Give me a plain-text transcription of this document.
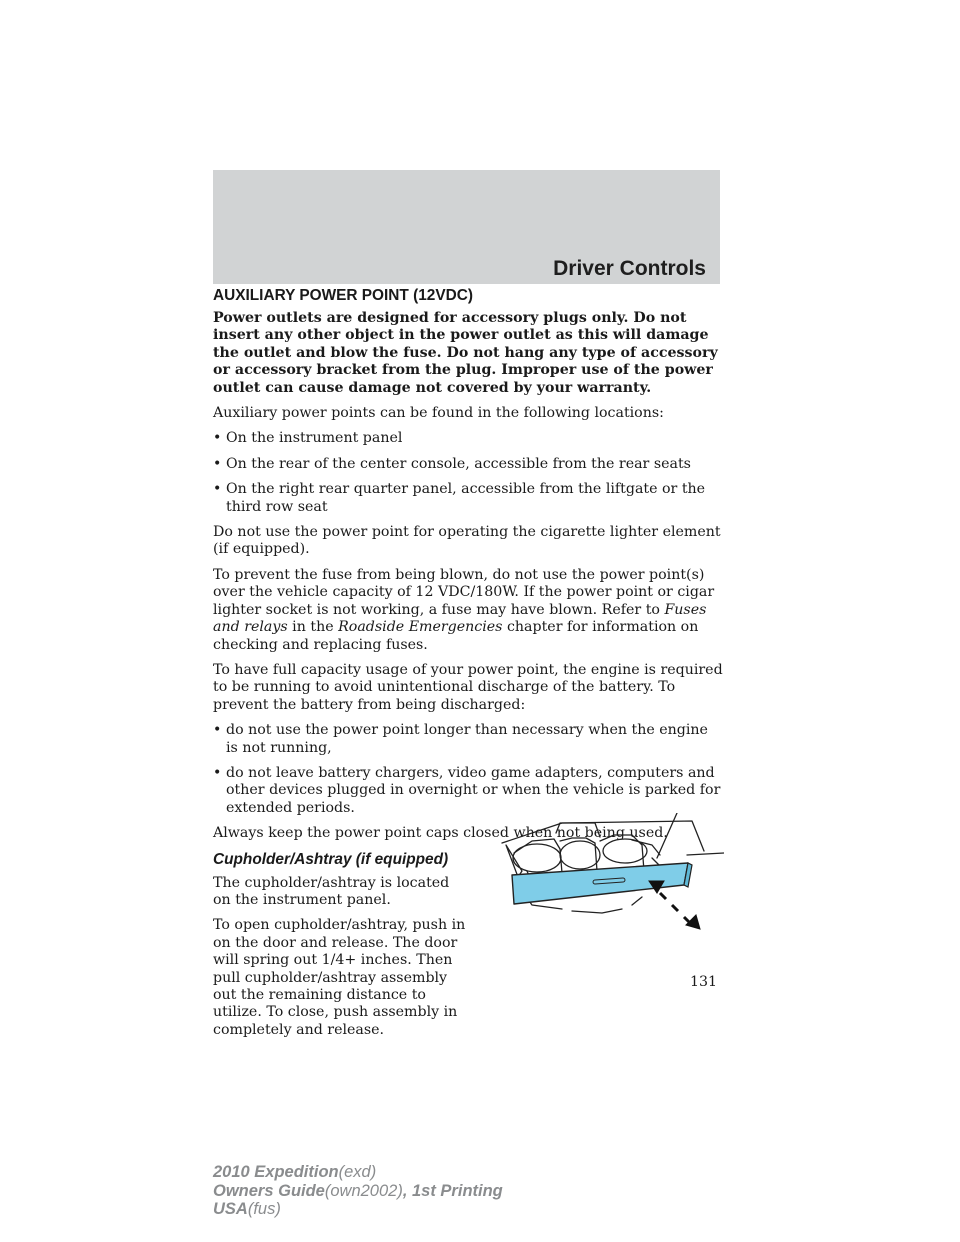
Driver Controls
AUXILIARY POWER POINT (12VDC)

Power outlets are designed for accessory plugs only. Do not insert any other object in the power outlet as this will damage the outlet and blow the fuse. Do not hang any type of accessory or accessory bracket from the plug. Improper use of the power outlet can cause damage not covered by your warranty.

Auxiliary power points can be found in the following locations:

• On the instrument panel
• On the rear of the center console, accessible from the rear seats
• On the right rear quarter panel, accessible from the liftgate or the third row seat

Do not use the power point for operating the cigarette lighter element (if equipped).

To prevent the fuse from being blown, do not use the power point(s) over the vehicle capacity of 12 VDC/180W. If the power point or cigar lighter socket is not working, a fuse may have blown. Refer to Fuses and relays in the Roadside Emergencies chapter for information on checking and replacing fuses.

To have full capacity usage of your power point, the engine is required to be running to avoid unintentional discharge of the battery. To prevent the battery from being discharged:

• do not use the power point longer than necessary when the engine is not running,
• do not leave battery chargers, video game adapters, computers and other devices plugged in overnight or when the vehicle is parked for extended periods.

Always keep the power point caps closed when not being used.

Cupholder/Ashtray (if equipped)

The cupholder/ashtray is located on the instrument panel.

To open cupholder/ashtray, push in on the door and release. The door will spring out 1/4+ inches. Then pull cupholder/ashtray assembly out the remaining distance to utilize. To close, push assembly in completely and release.

131
2010 Expedition(exd)
Owners Guide(own2002), 1st Printing
USA(fus)
